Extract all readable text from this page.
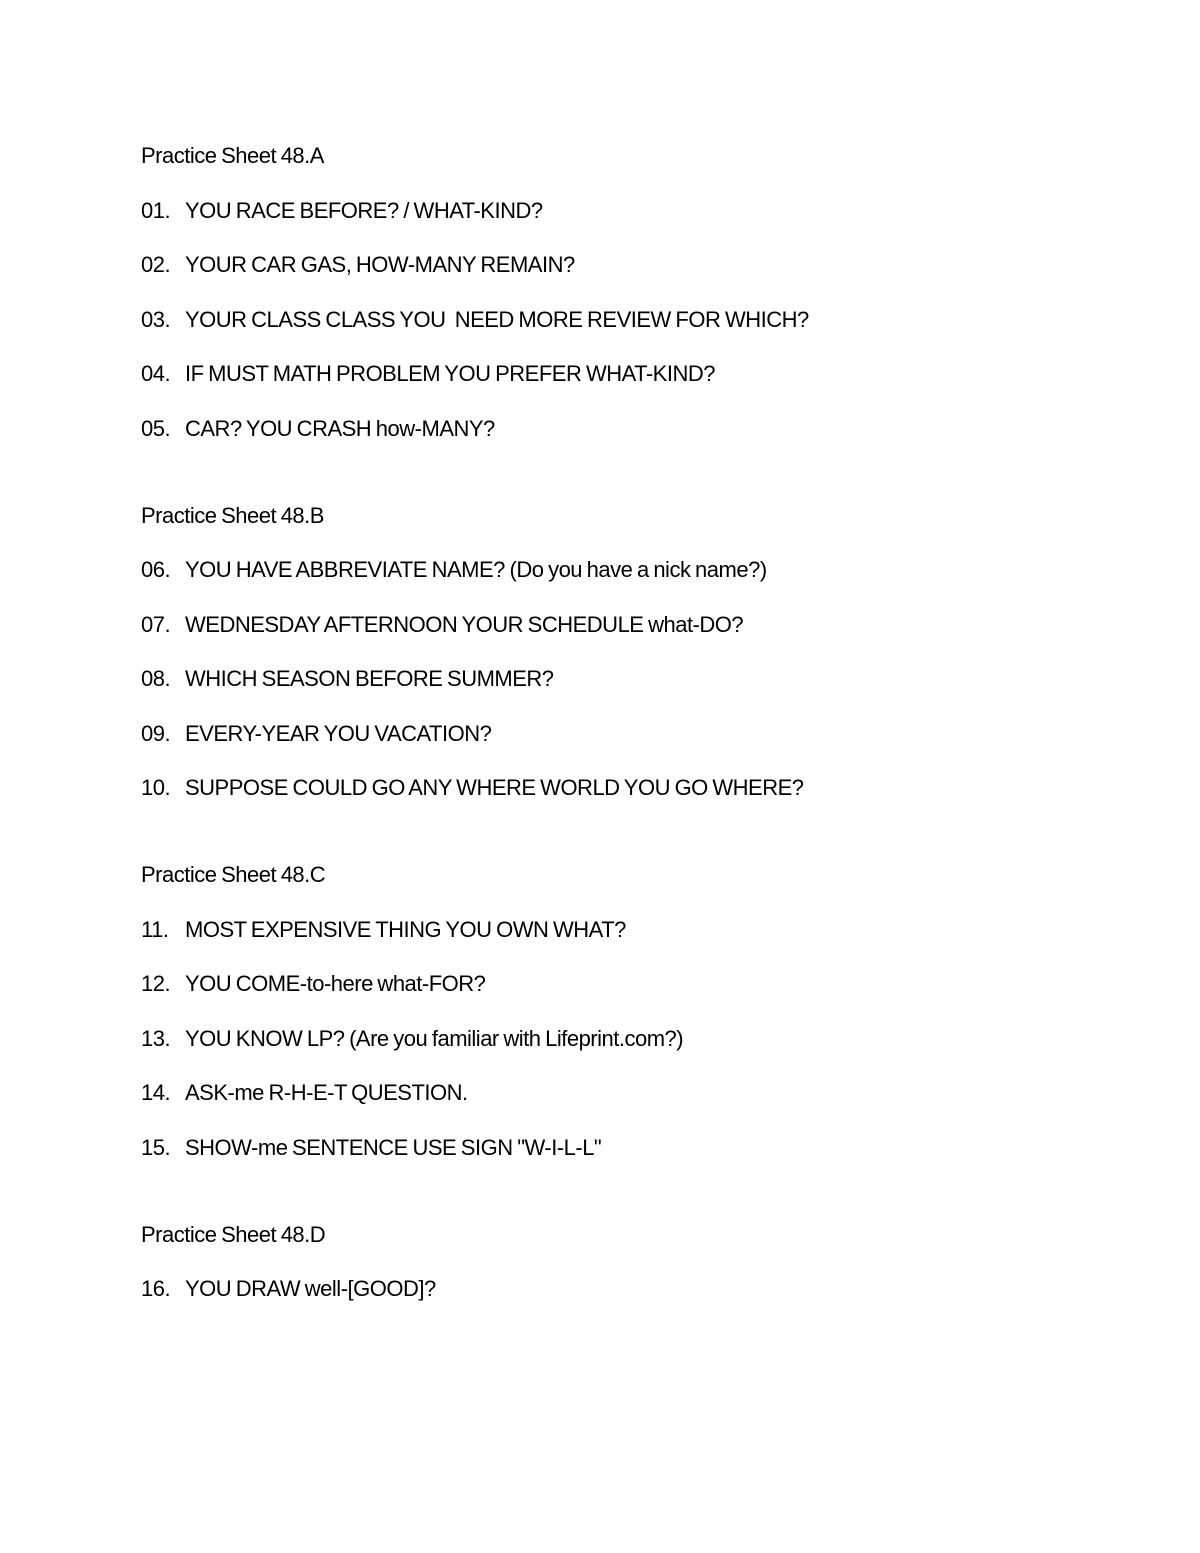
Practice Sheet 48.A
01. YOU RACE BEFORE? / WHAT-KIND?
02. YOUR CAR GAS, HOW-MANY REMAIN?
03. YOUR CLASS CLASS YOU  NEED MORE REVIEW FOR WHICH?
04. IF MUST MATH PROBLEM YOU PREFER WHAT-KIND?
05. CAR? YOU CRASH how-MANY?
Practice Sheet 48.B
06. YOU HAVE ABBREVIATE NAME? (Do you have a nick name?)
07. WEDNESDAY AFTERNOON YOUR SCHEDULE what-DO?
08. WHICH SEASON BEFORE SUMMER?
09. EVERY-YEAR YOU VACATION?
10. SUPPOSE COULD GO ANY WHERE WORLD YOU GO WHERE?
Practice Sheet 48.C
11. MOST EXPENSIVE THING YOU OWN WHAT?
12. YOU COME-to-here what-FOR?
13. YOU KNOW LP? (Are you familiar with Lifeprint.com?)
14. ASK-me R-H-E-T QUESTION.
15. SHOW-me SENTENCE USE SIGN "W-I-L-L"
Practice Sheet 48.D
16. YOU DRAW well-[GOOD]?
